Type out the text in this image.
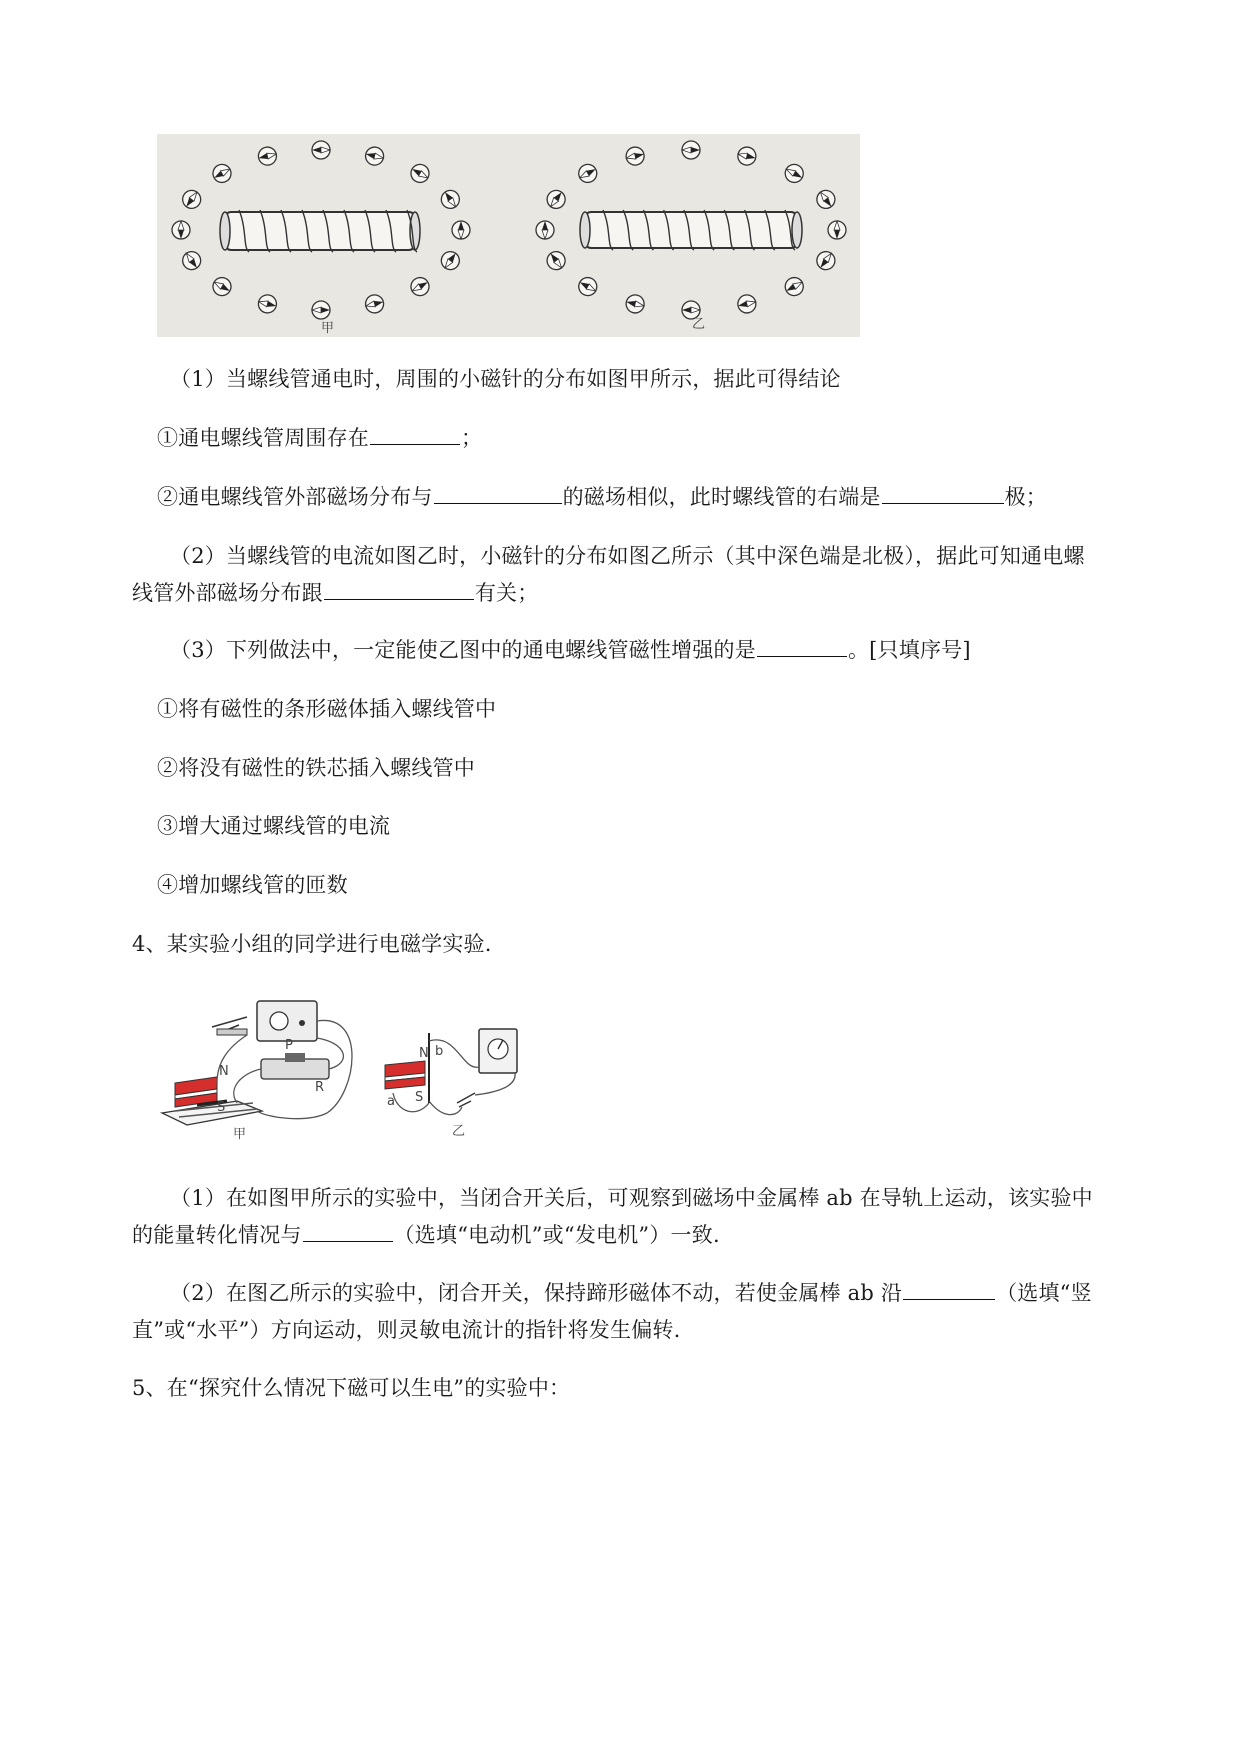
甲	乙
（1）当螺线管通电时，周围的小磁针的分布如图甲所示，据此可得结论
①通电螺线管周围存在	；
②通电螺线管外部磁场分布与	的磁场相似，此时螺线管的右端是	极；
（2）当螺线管的电流如图乙时，小磁针的分布如图乙所示（其中深色端是北极），据此可知通电螺
线管外部磁场分布跟	有关；
（3）下列做法中，一定能使乙图中的通电螺线管磁性增强的是	。[只填序号]
①将有磁性的条形磁体插入螺线管中
②将没有磁性的铁芯插入螺线管中
③增大通过螺线管的电流
④增加螺线管的匝数
4、某实验小组的同学进行电磁学实验.
N
S
P
R
甲
N
S
a
b
乙
（1）在如图甲所示的实验中，当闭合开关后，可观察到磁场中金属棒 ab 在导轨上运动，该实验中
的能量转化情况与	（选填“电动机”或“发电机”）一致.
（2）在图乙所示的实验中，闭合开关，保持蹄形磁体不动，若使金属棒 ab 沿	（选填“竖
直”或“水平”）方向运动，则灵敏电流计的指针将发生偏转.
5、在“探究什么情况下磁可以生电”的实验中：
